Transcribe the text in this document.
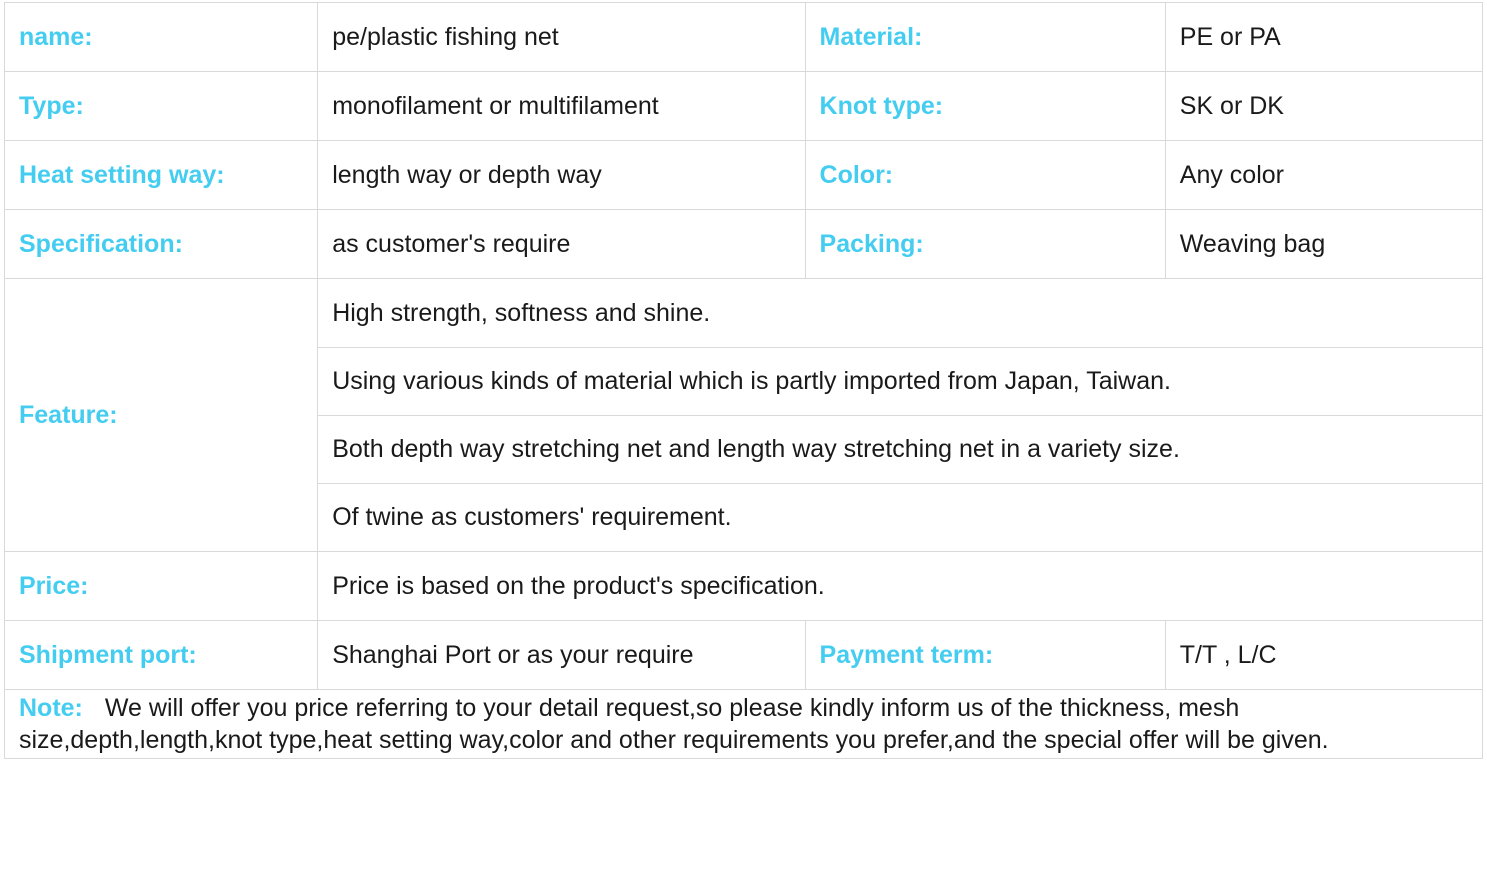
name:	pe/plastic fishing net	Material:	PE or PA
Type:	monofilament or multifilament	Knot type:	SK or DK
Heat setting way:	length way or depth way	Color:	Any color
Specification:	as customer's require	Packing:	Weaving bag
Feature:	
High strength, softness and shine.
Using various kinds of material which is partly imported from Japan, Taiwan.
Both depth way stretching net and length way stretching net in a variety size.
Of twine as customers' requirement.

Price:	Price is based on the product's specification.
Shipment port:	Shanghai Port or as your require	Payment term:	T/T , L/C
Note: We will offer you price referring to your detail request,so please kindly inform us of the thickness, mesh size,depth,length,knot type,heat setting way,color and other requirements you prefer,and the special offer will be given.
